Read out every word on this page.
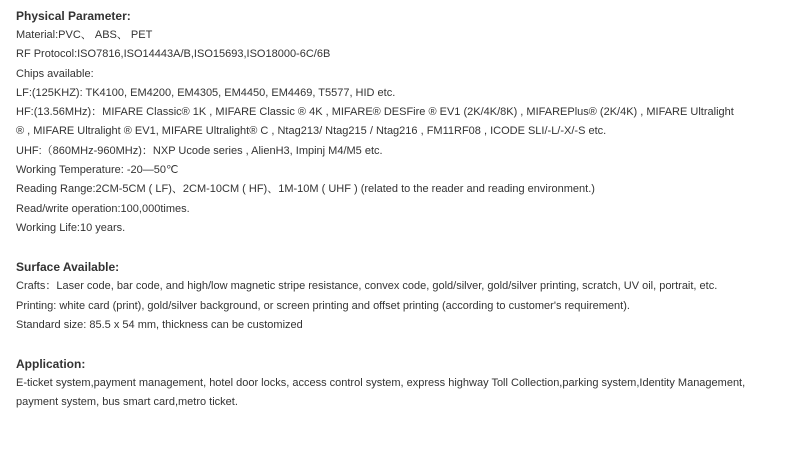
Physical Parameter:
Material:PVC、 ABS、 PET
RF Protocol:ISO7816,ISO14443A/B,ISO15693,ISO18000-6C/6B
Chips available:
LF:(125KHZ): TK4100, EM4200, EM4305, EM4450, EM4469, T5577, HID etc.
HF:(13.56MHz)：MIFARE Classic® 1K , MIFARE Classic ® 4K , MIFARE® DESFire ® EV1 (2K/4K/8K) , MIFAREPlus® (2K/4K) , MIFARE Ultralight
® , MIFARE Ultralight ® EV1, MIFARE Ultralight® C , Ntag213/ Ntag215 / Ntag216 , FM11RF08 , ICODE SLI/-L/-X/-S etc.
UHF:（860MHz-960MHz)：NXP Ucode series , AlienH3, Impinj M4/M5 etc.
Working Temperature: -20—50℃
Reading Range:2CM-5CM ( LF)、2CM-10CM ( HF)、1M-10M ( UHF ) (related to the reader and reading environment.)
Read/write operation:100,000times.
Working Life:10 years.
Surface Available:
Crafts：Laser code, bar code, and high/low magnetic stripe resistance, convex code, gold/silver, gold/silver printing, scratch, UV oil, portrait, etc.
Printing: white card (print), gold/silver background, or screen printing and offset printing (according to customer's requirement).
Standard size: 85.5 x 54 mm, thickness can be customized
Application:
E-ticket system,payment management, hotel door locks, access control system, express highway Toll Collection,parking system,Identity Management,
payment system, bus smart card,metro ticket.
